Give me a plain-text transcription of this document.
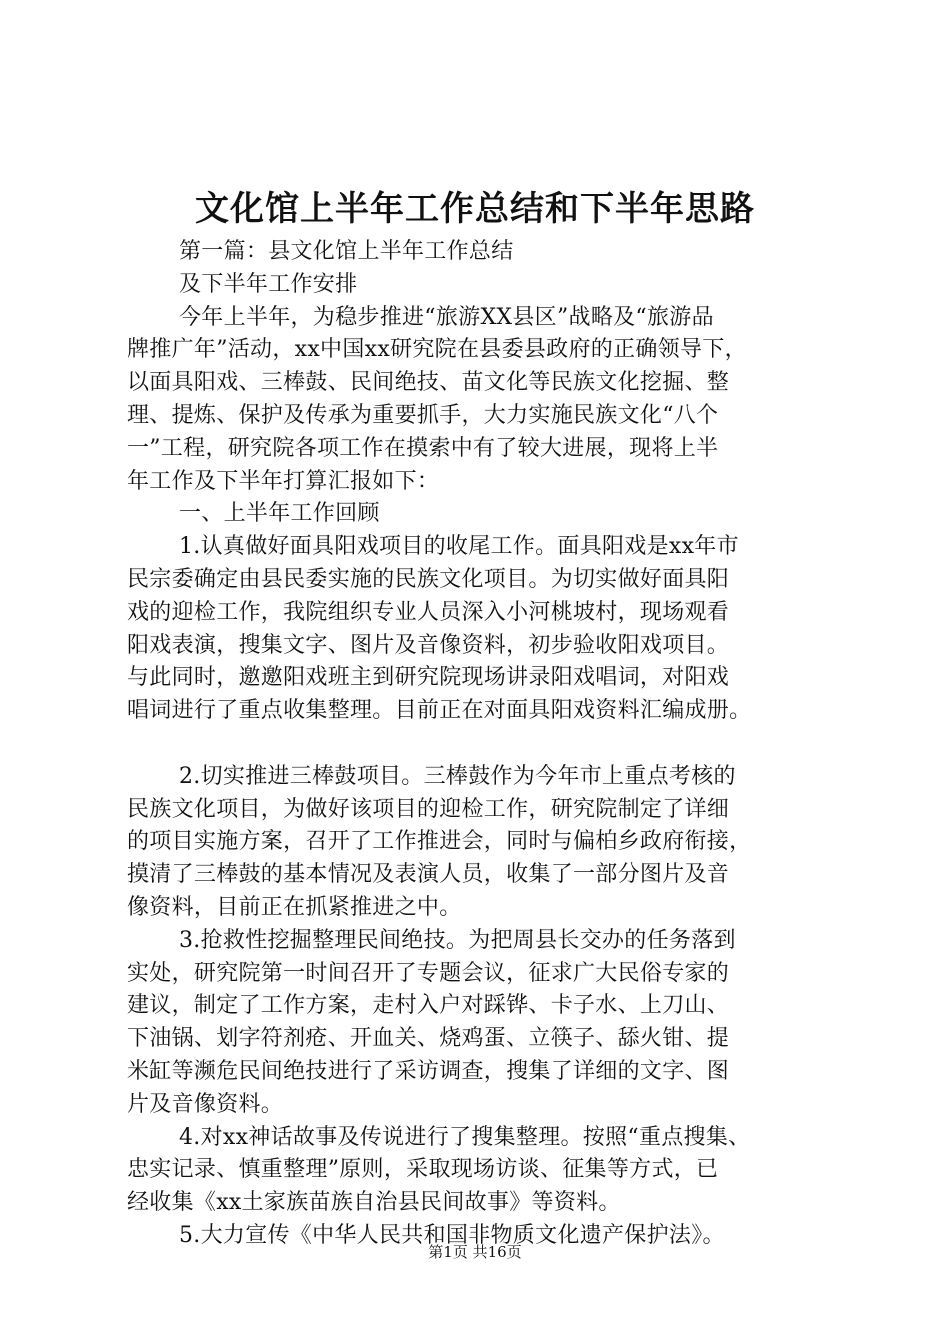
文化馆上半年工作总结和下半年思路
第一篇：县文化馆上半年工作总结
及下半年工作安排
今年上半年，为稳步推进“旅游XX县区”战略及“旅游品
牌推广年”活动，xx中国xx研究院在县委县政府的正确领导下，
以面具阳戏、三棒鼓、民间绝技、苗文化等民族文化挖掘、整
理、提炼、保护及传承为重要抓手，大力实施民族文化“八个
一”工程，研究院各项工作在摸索中有了较大进展，现将上半
年工作及下半年打算汇报如下：
一、上半年工作回顾
1.认真做好面具阳戏项目的收尾工作。面具阳戏是xx年市
民宗委确定由县民委实施的民族文化项目。为切实做好面具阳
戏的迎检工作，我院组织专业人员深入小河桃坡村，现场观看
阳戏表演，搜集文字、图片及音像资料，初步验收阳戏项目。
与此同时，邀邀阳戏班主到研究院现场讲录阳戏唱词，对阳戏
唱词进行了重点收集整理。目前正在对面具阳戏资料汇编成册。
2.切实推进三棒鼓项目。三棒鼓作为今年市上重点考核的
民族文化项目，为做好该项目的迎检工作，研究院制定了详细
的项目实施方案，召开了工作推进会，同时与偏柏乡政府衔接，
摸清了三棒鼓的基本情况及表演人员，收集了一部分图片及音
像资料，目前正在抓紧推进之中。
3.抢救性挖掘整理民间绝技。为把周县长交办的任务落到
实处，研究院第一时间召开了专题会议，征求广大民俗专家的
建议，制定了工作方案，走村入户对踩铧、卡子水、上刀山、
下油锅、划字符剂疮、开血关、烧鸡蛋、立筷子、舔火钳、提
米缸等濒危民间绝技进行了采访调查，搜集了详细的文字、图
片及音像资料。
4.对xx神话故事及传说进行了搜集整理。按照“重点搜集、
忠实记录、慎重整理”原则，采取现场访谈、征集等方式，已
经收集《xx土家族苗族自治县民间故事》等资料。
5.大力宣传《中华人民共和国非物质文化遗产保护法》。
第1页 共16页
